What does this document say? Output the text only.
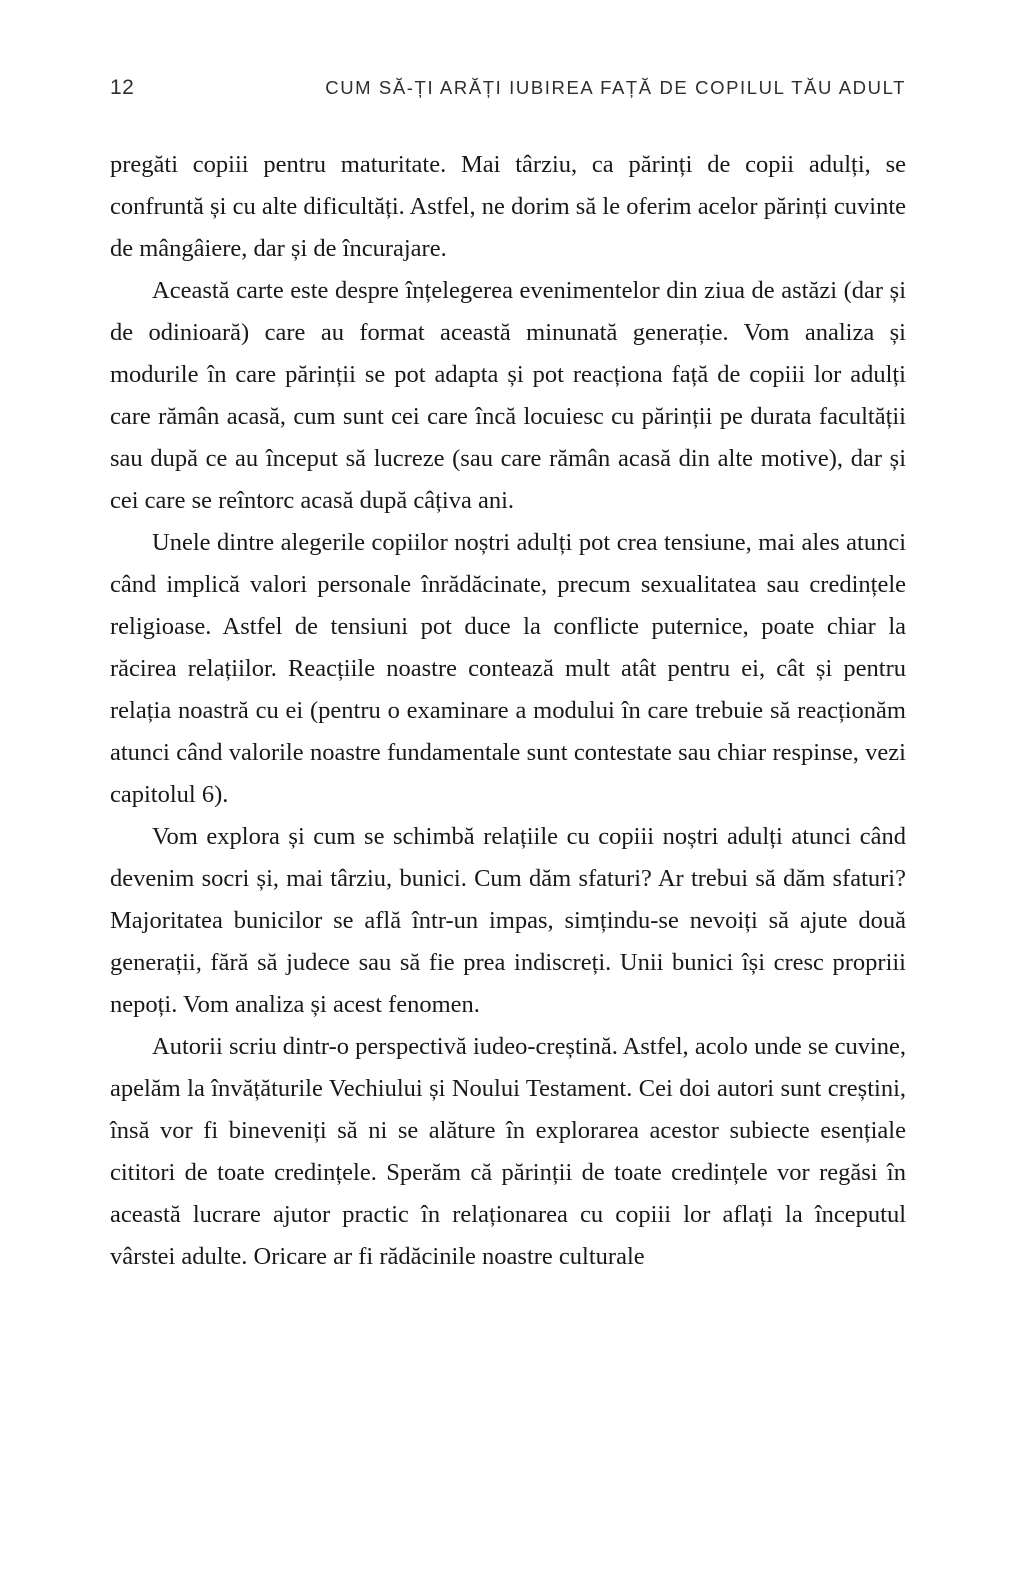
12	CUM SĂ-ȚI ARĂȚI IUBIREA FAȚĂ DE COPILUL TĂU ADULT

pregăti copiii pentru maturitate. Mai târziu, ca părinți de copii adulți, se confruntă și cu alte dificultăți. Astfel, ne dorim să le oferim acelor părinți cuvinte de mângâiere, dar și de încurajare.

Această carte este despre înțelegerea evenimentelor din ziua de astăzi (dar și de odinioară) care au format această minunată generație. Vom analiza și modurile în care părinții se pot adapta și pot reacționa față de copiii lor adulți care rămân acasă, cum sunt cei care încă locuiesc cu părinții pe durata facultății sau după ce au început să lucreze (sau care rămân acasă din alte motive), dar și cei care se reîntorc acasă după câțiva ani.

Unele dintre alegerile copiilor noștri adulți pot crea tensiune, mai ales atunci când implică valori personale înrădăcinate, precum sexualitatea sau credințele religioase. Astfel de tensiuni pot duce la conflicte puternice, poate chiar la răcirea relațiilor. Reacțiile noastre contează mult atât pentru ei, cât și pentru relația noastră cu ei (pentru o examinare a modului în care trebuie să reacționăm atunci când valorile noastre fundamentale sunt contestate sau chiar respinse, vezi capitolul 6).

Vom explora și cum se schimbă relațiile cu copiii noștri adulți atunci când devenim socri și, mai târziu, bunici. Cum dăm sfaturi? Ar trebui să dăm sfaturi? Majoritatea bunicilor se află într-un impas, simțindu-se nevoiți să ajute două generații, fără să judece sau să fie prea indiscreți. Unii bunici își cresc propriii nepoți. Vom analiza și acest fenomen.

Autorii scriu dintr-o perspectivă iudeo-creștină. Astfel, acolo unde se cuvine, apelăm la învățăturile Vechiului și Noului Testament. Cei doi autori sunt creștini, însă vor fi bineveniți să ni se alăture în explorarea acestor subiecte esențiale cititori de toate credințele. Sperăm că părinții de toate credințele vor regăsi în această lucrare ajutor practic în relaționarea cu copiii lor aflați la începutul vârstei adulte. Oricare ar fi rădăcinile noastre culturale
